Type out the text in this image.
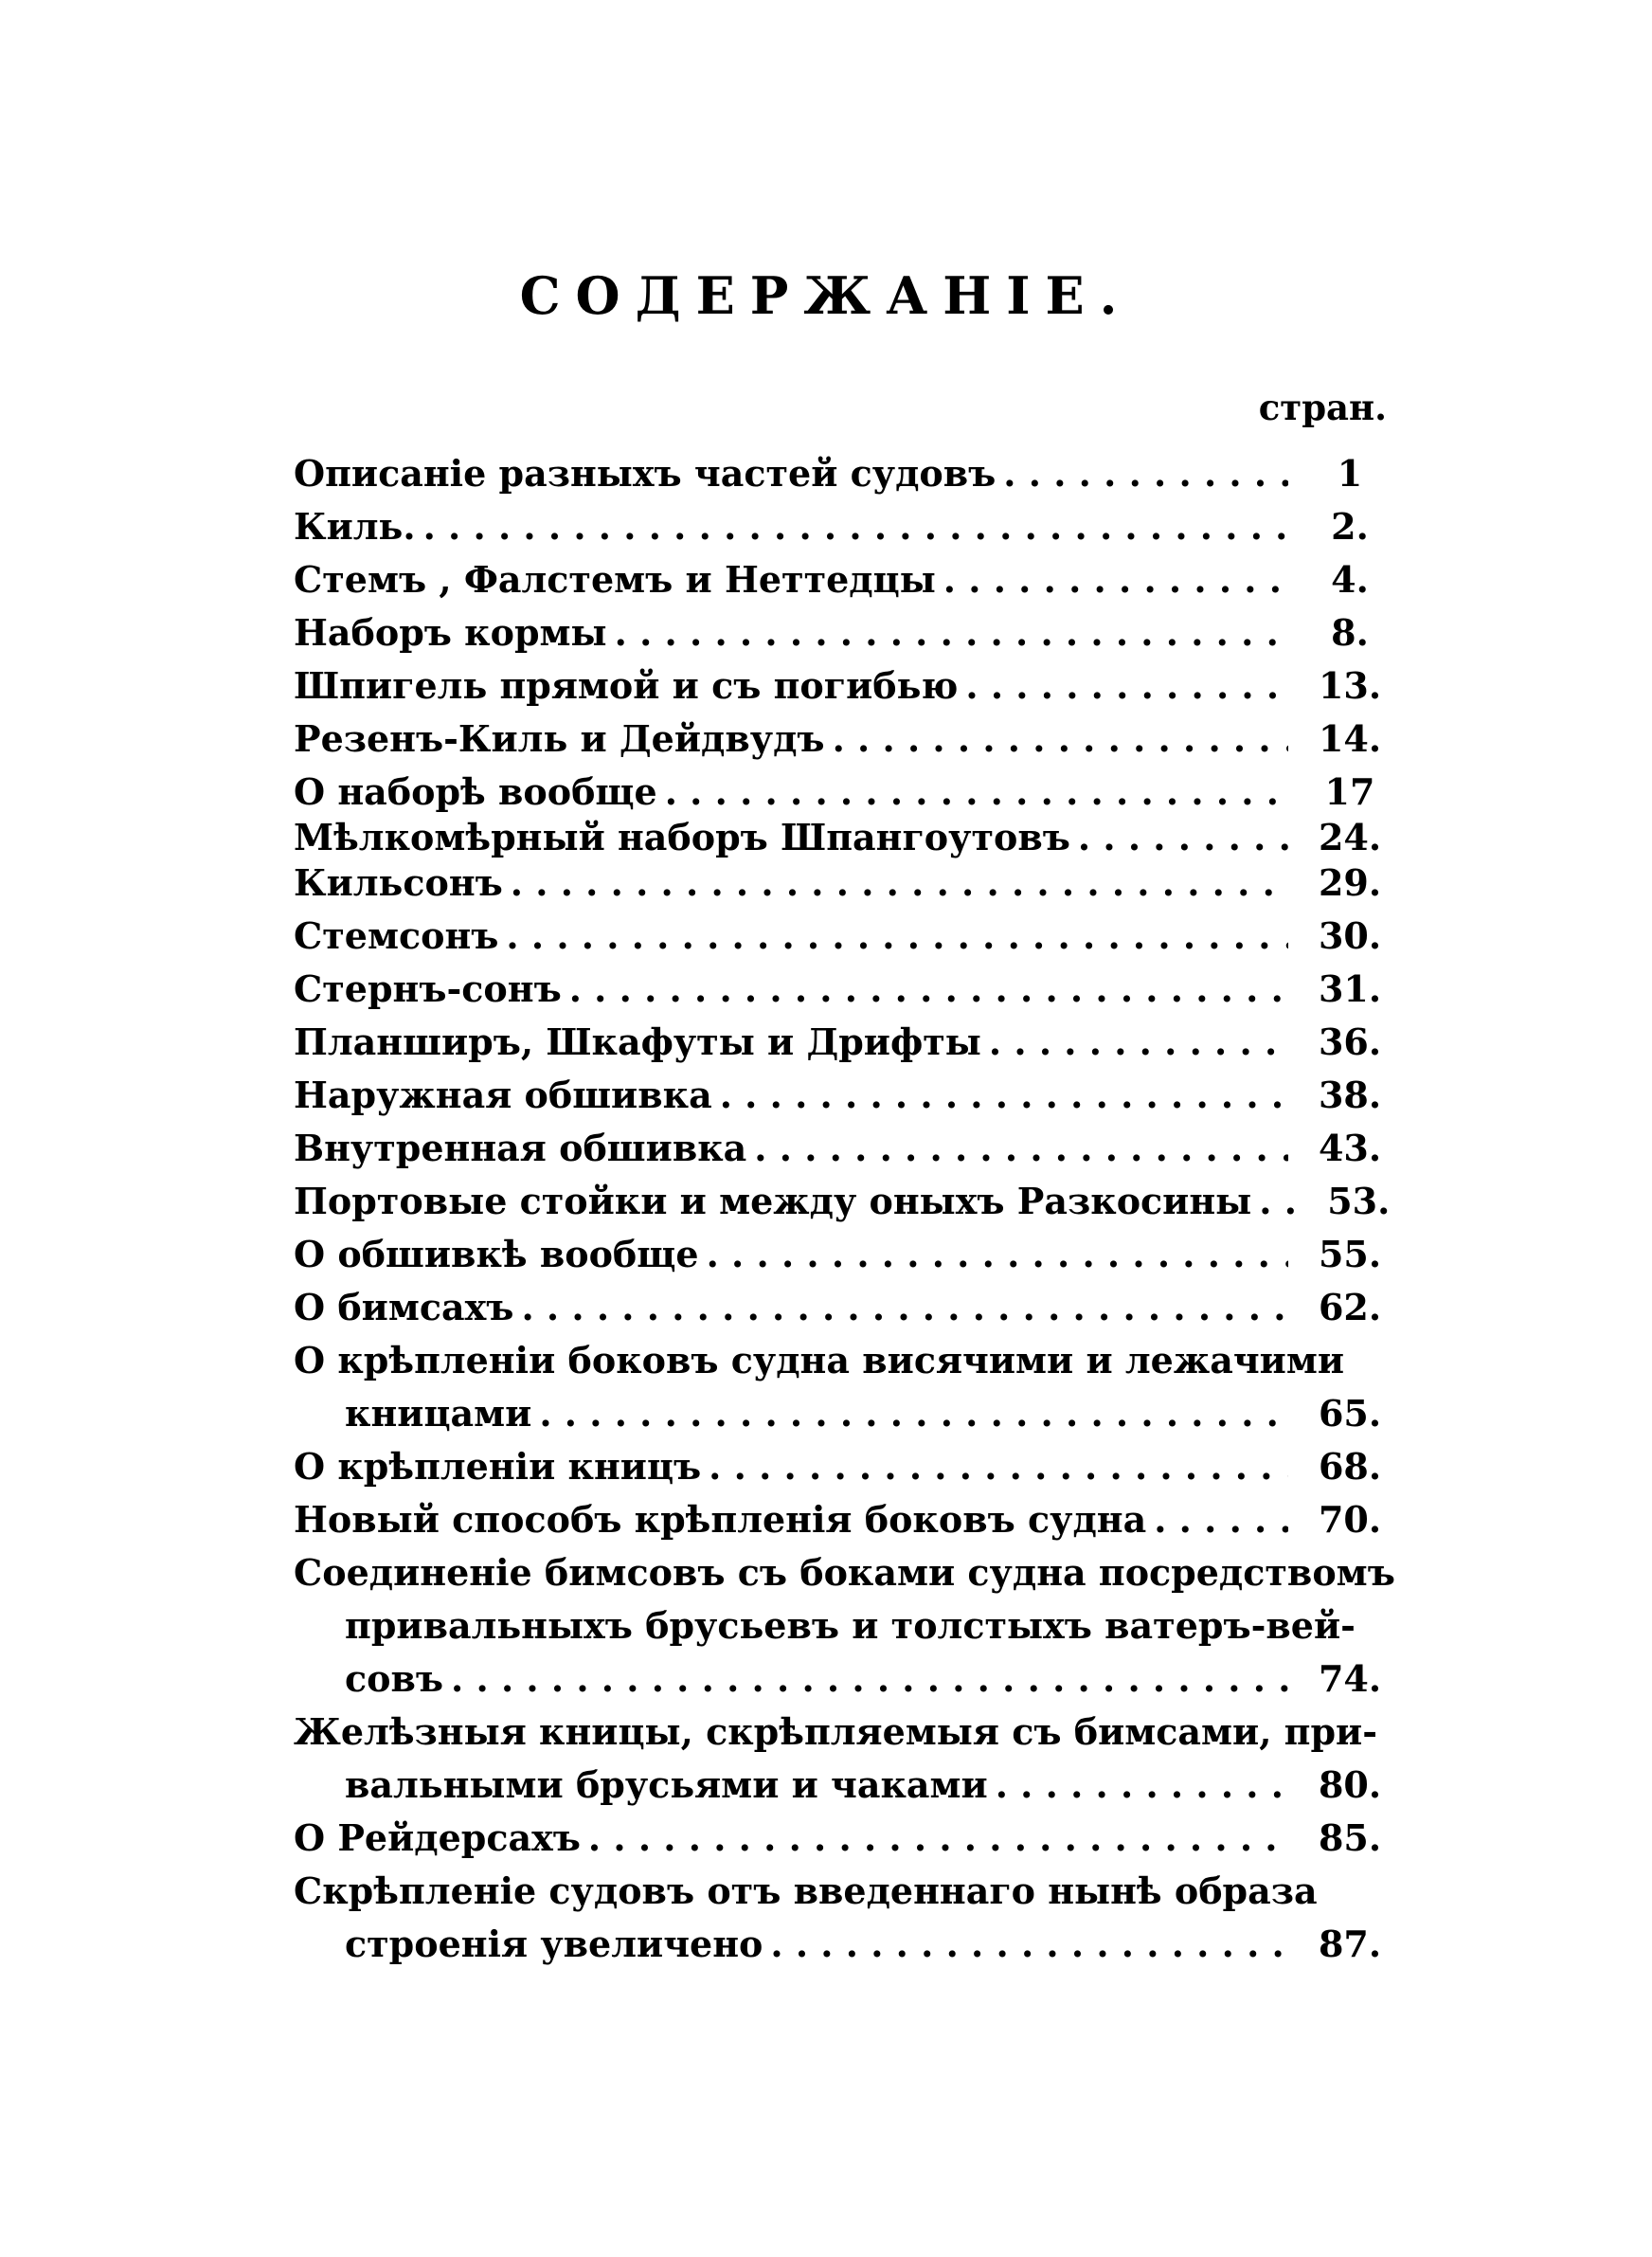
СОДЕРЖАНІЕ.
стран.
Описаніе разныхъ частей судовъ . . .	1
Киль. . . .	2.
Стемъ , Фалстемъ и Неттедцы . . .	4.
Наборъ кормы . . .	8.
Шпигель прямой и съ погибью . . .	13.
Резенъ-Киль и Дейдвудъ . . .	14.
О наборѣ вообще . . .	17
Мѣлкомѣрный наборъ Шпангоутовъ . . .	24.
Кильсонъ . . .	29.
Стемсонъ . . .	30.
Стернъ-сонъ . . .	31.
Планширъ, Шкафуты и Дрифты . . .	36.
Наружная обшивка . . .	38.
Внутренная обшивка . . .	43.
Портовые стойки и между оныхъ Разкосины . . .	53.
О обшивкѣ вообще . . .	55.
О бимсахъ . . .	62.
О крѣпленіи боковъ судна висячими и лежачими
кницами . . .	65.
О крѣпленіи кницъ . . .	68.
Новый способъ крѣпленія боковъ судна . . .	70.
Соединеніе бимсовъ съ боками судна посредствомъ
привальныхъ брусьевъ и толстыхъ ватеръ-вей-
совъ . . .	74.
Желѣзныя кницы, скрѣпляемыя съ бимсами, при-
вальными брусьями и чаками . . .	80.
О Рейдерсахъ . . .	85.
Скрѣпленіе судовъ отъ введеннаго нынѣ образа
строенія увеличено . . .	87.
